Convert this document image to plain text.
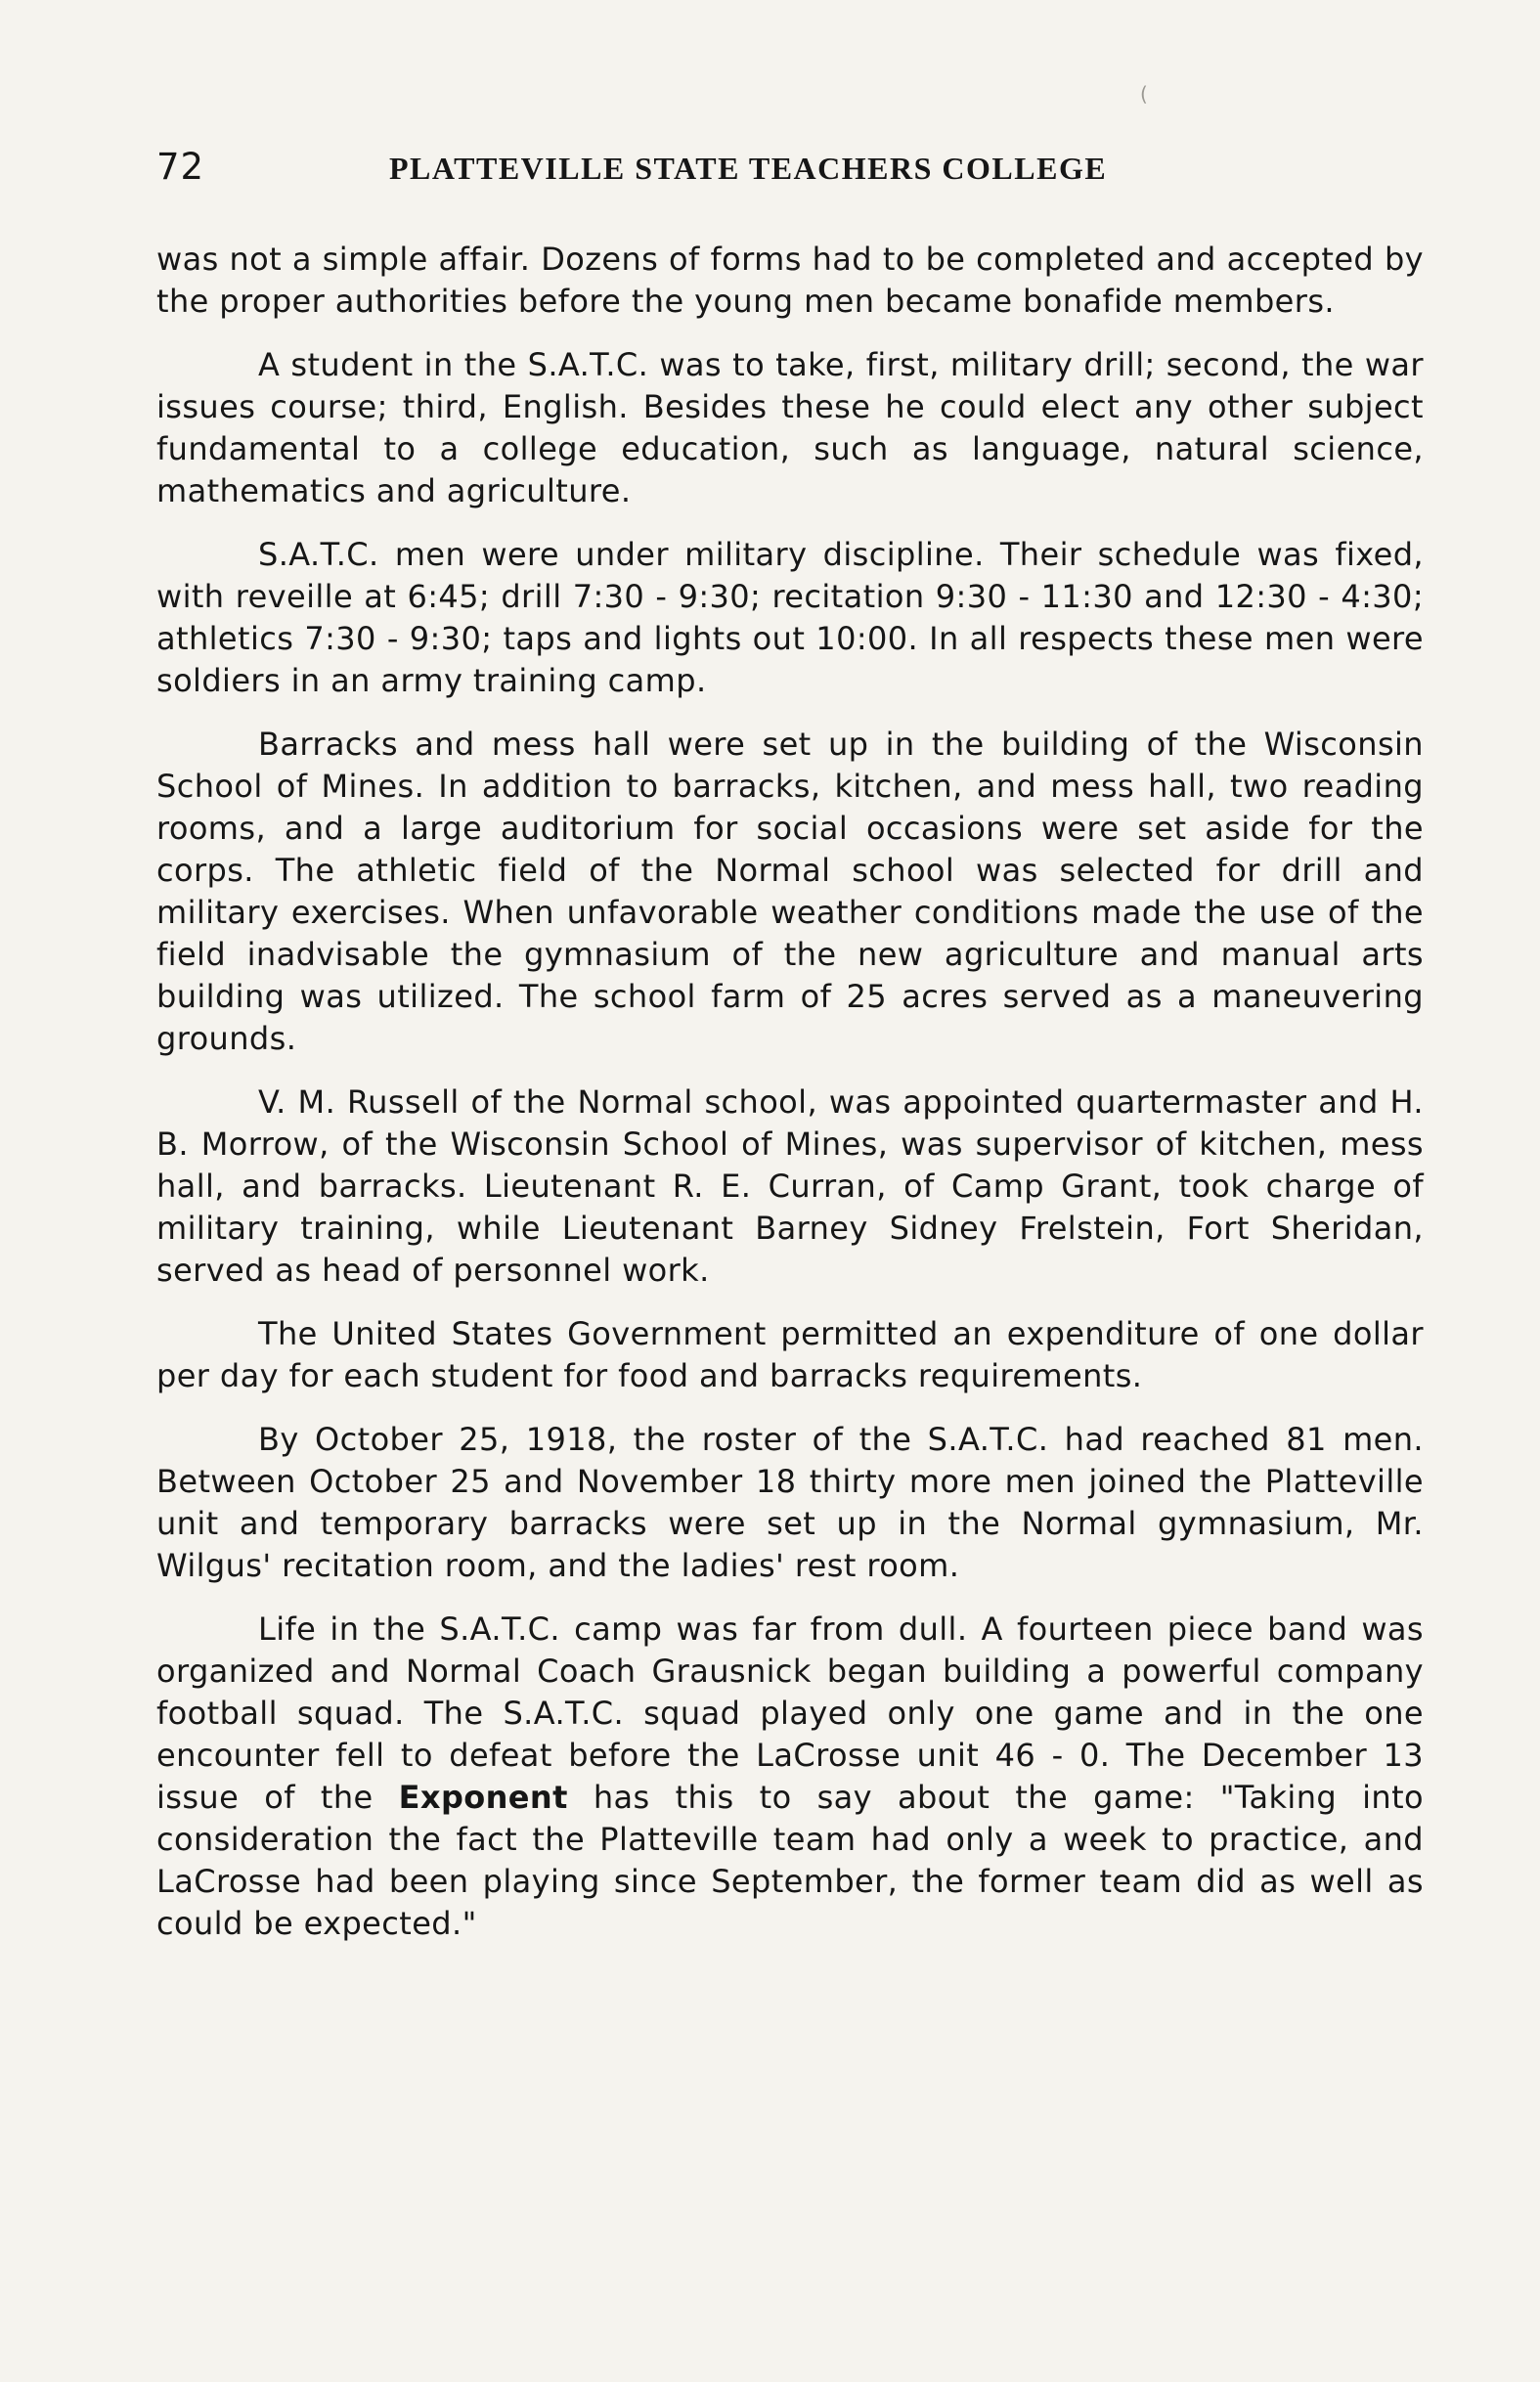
(
72	PLATTEVILLE STATE TEACHERS COLLEGE

was not a simple affair. Dozens of forms had to be completed and accepted by the proper authorities before the young men became bonafide members.

A student in the S.A.T.C. was to take, first, military drill; second, the war issues course; third, English. Besides these he could elect any other subject fundamental to a college education, such as language, natural science, mathematics and agriculture.

S.A.T.C. men were under military discipline. Their schedule was fixed, with reveille at 6:45; drill 7:30 - 9:30; recitation 9:30 - 11:30 and 12:30 - 4:30; athletics 7:30 - 9:30; taps and lights out 10:00. In all respects these men were soldiers in an army training camp.

Barracks and mess hall were set up in the building of the Wisconsin School of Mines. In addition to barracks, kitchen, and mess hall, two reading rooms, and a large auditorium for social occasions were set aside for the corps. The athletic field of the Normal school was selected for drill and military exercises. When unfavorable weather conditions made the use of the field inadvisable the gymnasium of the new agriculture and manual arts building was utilized. The school farm of 25 acres served as a maneuvering grounds.

V. M. Russell of the Normal school, was appointed quartermaster and H. B. Morrow, of the Wisconsin School of Mines, was supervisor of kitchen, mess hall, and barracks. Lieutenant R. E. Curran, of Camp Grant, took charge of military training, while Lieutenant Barney Sidney Frelstein, Fort Sheridan, served as head of personnel work.

The United States Government permitted an expenditure of one dollar per day for each student for food and barracks requirements.

By October 25, 1918, the roster of the S.A.T.C. had reached 81 men. Between October 25 and November 18 thirty more men joined the Platteville unit and temporary barracks were set up in the Normal gymnasium, Mr. Wilgus' recitation room, and the ladies' rest room.

Life in the S.A.T.C. camp was far from dull. A fourteen piece band was organized and Normal Coach Grausnick began building a powerful company football squad. The S.A.T.C. squad played only one game and in the one encounter fell to defeat before the LaCrosse unit 46 - 0. The December 13 issue of the Exponent has this to say about the game: "Taking into consideration the fact the Platteville team had only a week to practice, and LaCrosse had been playing since September, the former team did as well as could be expected."
